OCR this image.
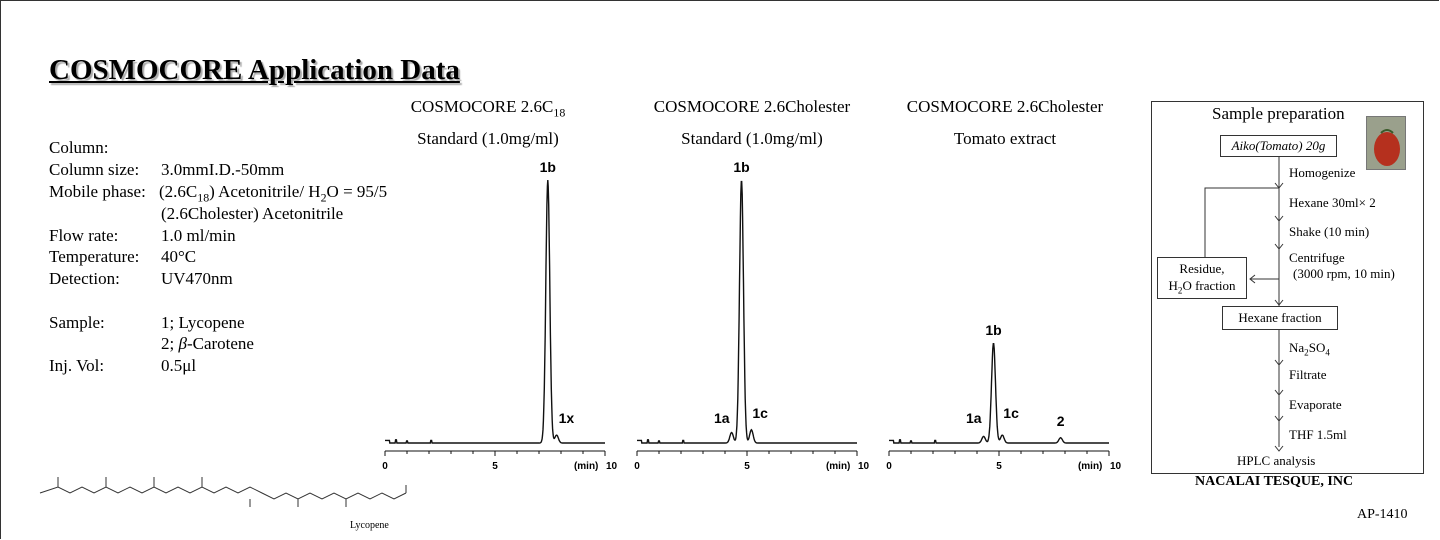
COSMOCORE Application Data
Column:
Column size: 3.0mmI.D.-50mm
Mobile phase: $(2.6C_{18})$ Acetonitrile/ $H_2O = 95/5$
(2.6Cholester) Acetonitrile
Flow rate:	1.0 ml/min
Temperature: 40°C
Detection: UV470nm
Sample:	1; Lycopene
2; β-Carotene
Inj. Vol:	0.5μl
Lycopene
COSMOCORE $2.6C_{18}$
Standard (1.0mg/ml)
COSMOCORE 2.6Cholester
Standard (1.0mg/ml)
COSMOCORE 2.6Cholester
Tomato extract
0	5	10
(min)
1b
1x
0	5	10
(min)
1a
1b
1c
0	5	10
(min)
1a
1b
1c	2
Sample preparation
Aiko(Tomato) 20g
Homogenize
Hexane 30ml× 2
Shake (10 min)
Centrifuge
(3000 rpm, 10 min)
Residue,
$H_2O$ fraction
Hexane fraction
$Na_2SO_4$
Filtrate
Evaporate
THF 1.5ml
HPLC analysis
NACALAI TESQUE, INC
AP-1410
